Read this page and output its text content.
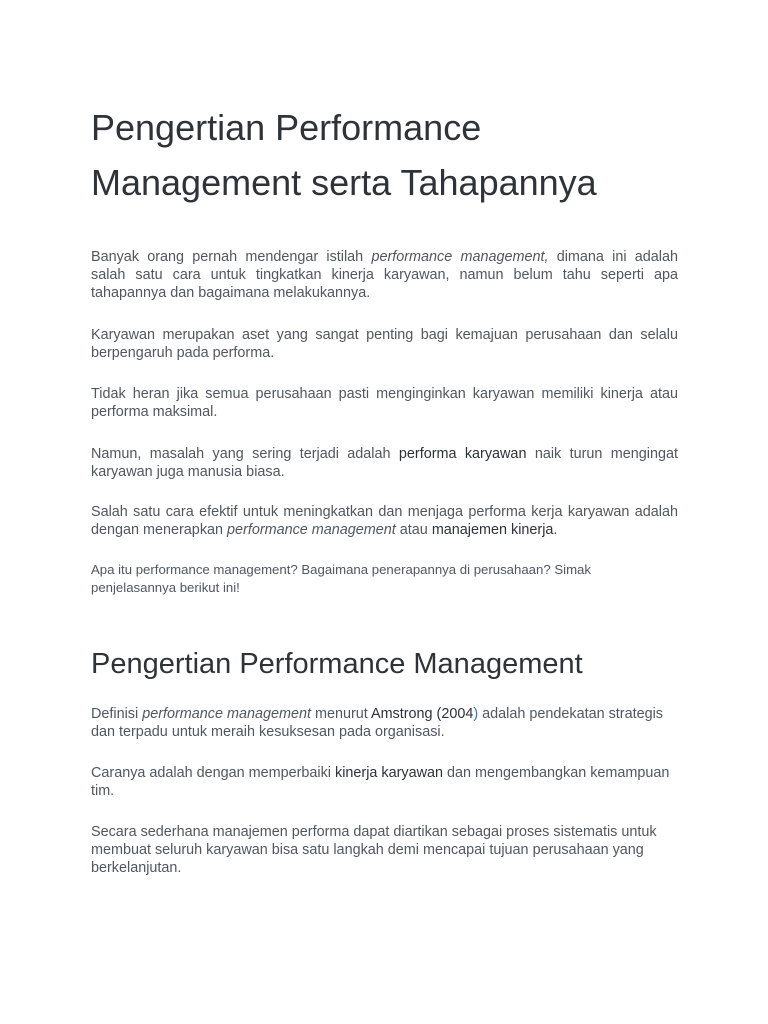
Pengertian Performance Management serta Tahapannya

Banyak orang pernah mendengar istilah performance management, dimana ini adalah salah satu cara untuk tingkatkan kinerja karyawan, namun belum tahu seperti apa tahapannya dan bagaimana melakukannya.

Karyawan merupakan aset yang sangat penting bagi kemajuan perusahaan dan selalu berpengaruh pada performa.

Tidak heran jika semua perusahaan pasti menginginkan karyawan memiliki kinerja atau performa maksimal.

Namun, masalah yang sering terjadi adalah performa karyawan naik turun mengingat karyawan juga manusia biasa.

Salah satu cara efektif untuk meningkatkan dan menjaga performa kerja karyawan adalah dengan menerapkan performance management atau manajemen kinerja.

Apa itu performance management? Bagaimana penerapannya di perusahaan? Simak penjelasannya berikut ini!

Pengertian Performance Management

Definisi performance management menurut Amstrong (2004) adalah pendekatan strategis dan terpadu untuk meraih kesuksesan pada organisasi.

Caranya adalah dengan memperbaiki kinerja karyawan dan mengembangkan kemampuan tim.

Secara sederhana manajemen performa dapat diartikan sebagai proses sistematis untuk membuat seluruh karyawan bisa satu langkah demi mencapai tujuan perusahaan yang berkelanjutan.
